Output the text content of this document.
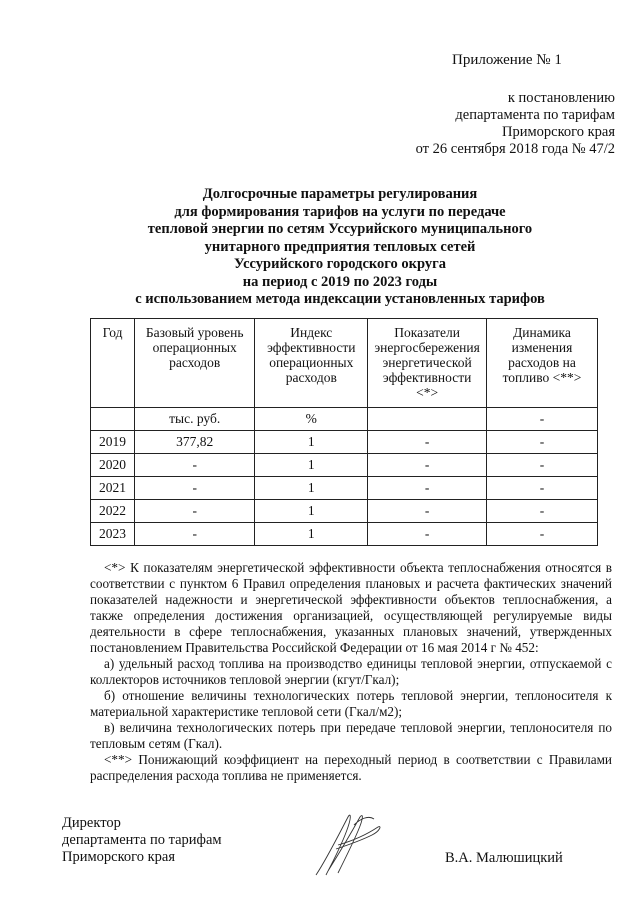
Приложение № 1
к постановлению
департамента по тарифам
Приморского края
от 26 сентября 2018 года № 47/2
Долгосрочные параметры регулирования
для формирования тарифов на услуги по передаче
тепловой энергии по сетям Уссурийского муниципального
унитарного предприятия тепловых сетей
Уссурийского городского округа
на период с 2019 по 2023 годы
с использованием метода индексации установленных тарифов
Год	Базовый уровень операционных расходов	Индекс эффективности операционных расходов	Показатели энергосбережения энергетической эффективности <*>	Динамика изменения расходов на топливо <**>
	тыс. руб.	%		-
2019	377,82	1	-	-
2020	-	1	-	-
2021	-	1	-	-
2022	-	1	-	-
2023	-	1	-	-

<*> К показателям энергетической эффективности объекта теплоснабжения относятся в соответствии с пунктом 6 Правил определения плановых и расчета фактических значений показателей надежности и энергетической эффективности объектов теплоснабжения, а также определения достижения организацией, осуществляющей регулируемые виды деятельности в сфере теплоснабжения, указанных плановых значений, утвержденных постановлением Правительства Российской Федерации от 16 мая 2014 г № 452:

а) удельный расход топлива на производство единицы тепловой энергии, отпускаемой с коллекторов источников тепловой энергии (кгут/Гкал);

б) отношение величины технологических потерь тепловой энергии, теплоносителя к материальной характеристике тепловой сети (Гкал/м2);

в) величина технологических потерь при передаче тепловой энергии, теплоносителя по тепловым сетям (Гкал).

<**> Понижающий коэффициент на переходный период в соответствии с Правилами распределения расхода топлива не применяется.

Директор
департамента по тарифам
Приморского края	В.А. Малюшицкий
